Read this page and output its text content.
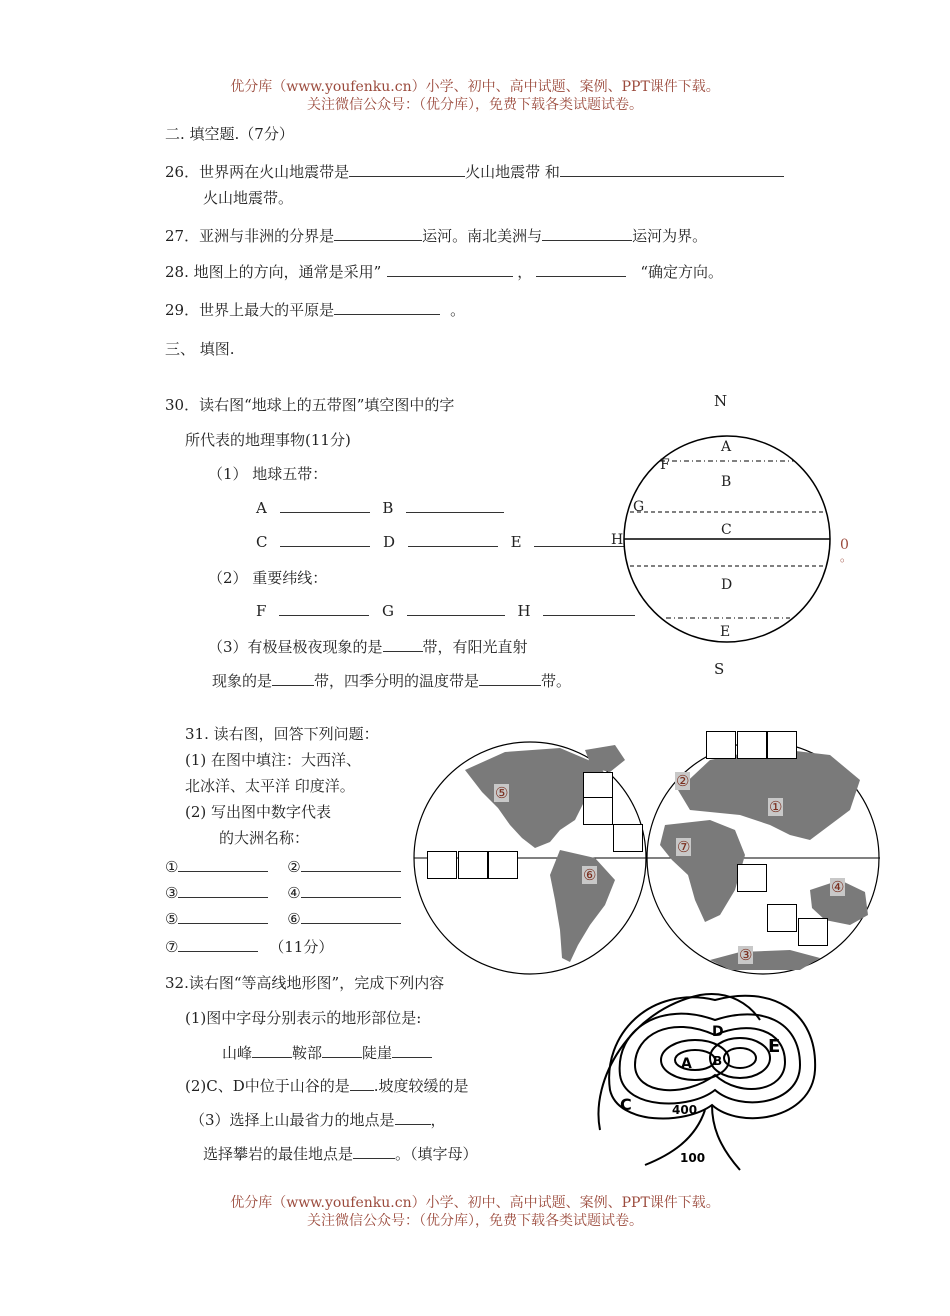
优分库（www.youfenku.cn）小学、初中、高中试题、案例、PPT课件下载。
关注微信公众号：（优分库），免费下载各类试题试卷。
二. 填空题.（7分）
26．世界两在火山地震带是	火山地震带 和
火山地震带。
27．亚洲与非洲的分界是	运河。南北美洲与	运河为界。
28. 地图上的方向，通常是采用”	，	“确定方向。
29．世界上最大的平原是	。
三、 填图.
30．读右图“地球上的五带图”填空图中的字
所代表的地理事物(11分)
（1） 地球五带：
A	B
C	D	E
（2） 重要纬线：
F	G	H
（3）有极昼极夜现象的是	带，有阳光直射
现象的是	带，四季分明的温度带是	带。
N
S
A
B
C
D
E
F
G
H	0
。
31. 读右图，回答下列问题：
(1) 在图中填注：大西洋、
北冰洋、太平洋 印度洋。
(2) 写出图中数字代表
的大洲名称：
①	②
③	④
⑤	⑥
⑦	（11分）
⑤
⑥
②
①
⑦
④
③
32.读右图“等高线地形图”，完成下列内容
(1)图中字母分别表示的地形部位是:
山峰	鞍部	陡崖
(2)C、D中位于山谷的是 .坡度较缓的是
（3）选择上山最省力的地点是 ，
选择攀岩的最佳地点是	。（填字母）
A B
C
D
E
400
100
优分库（www.youfenku.cn）小学、初中、高中试题、案例、PPT课件下载。
关注微信公众号：（优分库），免费下载各类试题试卷。
